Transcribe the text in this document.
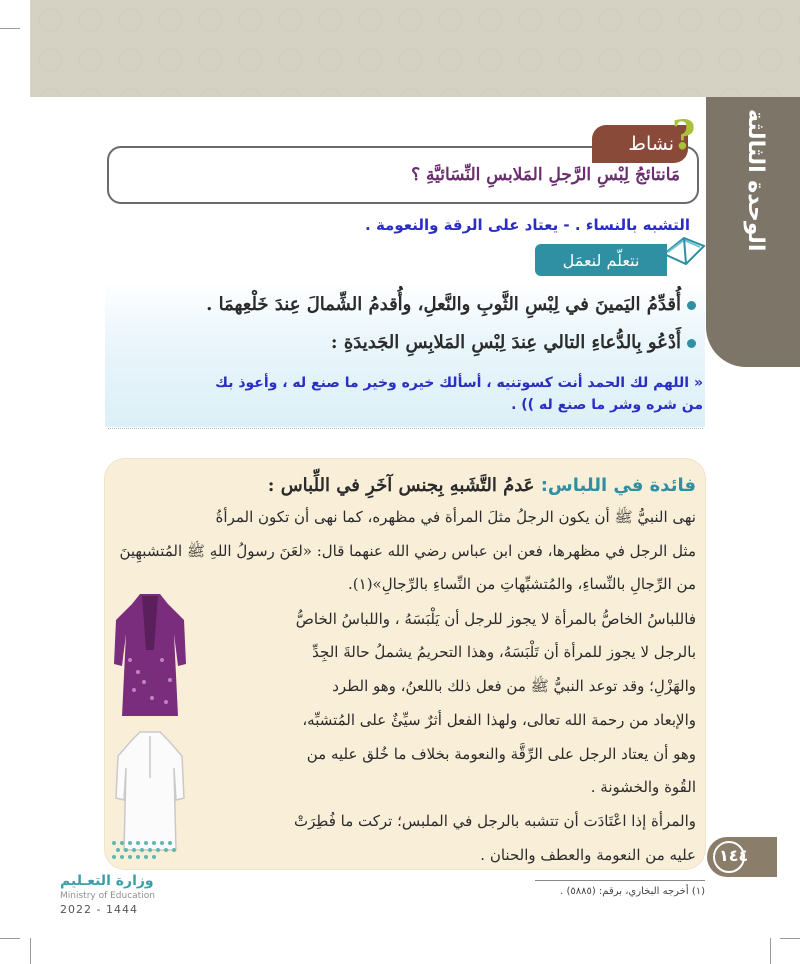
الوحدة الثالثة
نشاط
?
مَانتائجُ لِبْسِ الرَّجلِ المَلابسِ النِّسَائيَّةِ ؟
التشبه بالنساء . - يعتاد على الرقة والنعومة .
نتعلّم لنعمَل
أُقدِّمُ اليَمينَ في لِبْسِ الثَّوبِ والنَّعلِ، وأُقدمُ الشِّمالَ عِندَ خَلْعِهمَا .
أَدْعُو بِالدُّعاءِ التالي عِندَ لِبْسِ المَلابِسِ الجَديدَةِ :
« اللهم لك الحمد أنت كسوتنيه ، أسألك خيره وخير ما صنع له ، وأعوذ بك
من شره وشر ما صنع له )) .
فائدة في اللباس: عَدمُ التَّشَبهِ بِجنس آخَرِ في اللِّباس :
نهى النبيُّ ﷺ أن يكون الرجلُ مثلَ المرأة في مظهره، كما نهى أن تكون المرأةُ
مثل الرجل في مظهرها، فعن ابن عباس رضي الله عنهما قال: «لعَنَ رسولُ اللهِ ﷺ المُتشبهِينَ
من الرِّجالِ بالنِّساءِ، والمُتشبِّهاتِ من النِّساءِ بالرِّجالِ»(١).
فاللباسُ الخاصُّ بالمرأة لا يجوز للرجل أن يَلْبَسَهُ ، واللباسُ الخاصُّ
بالرجل لا يجوز للمرأة أن تَلْبَسَهُ، وهذا التحريمُ يشملُ حالةَ الجِدِّ
والهَزْلِ؛ وقد توعد النبيُّ ﷺ من فعل ذلك باللعنُ، وهو الطرد
والإبعاد من رحمة الله تعالى، ولهذا الفعل أثرٌ سيِّئٌ على المُتشبِّه،
وهو أن يعتاد الرجل على الرِّقَّة والنعومة بخلاف ما خُلق عليه من
القُوة والخشونة .
والمرأة إذا اعْتَادَت أن تتشبه بالرجل في الملبس؛ تركت ما فُطِرَتْ
عليه من النعومة والعطف والحنان . ١٤٤
وزارة التعـليم
Ministry of Education
2022 - 1444
(١) أخرجه البخاري، برقم: (٥٨٨٥) .
